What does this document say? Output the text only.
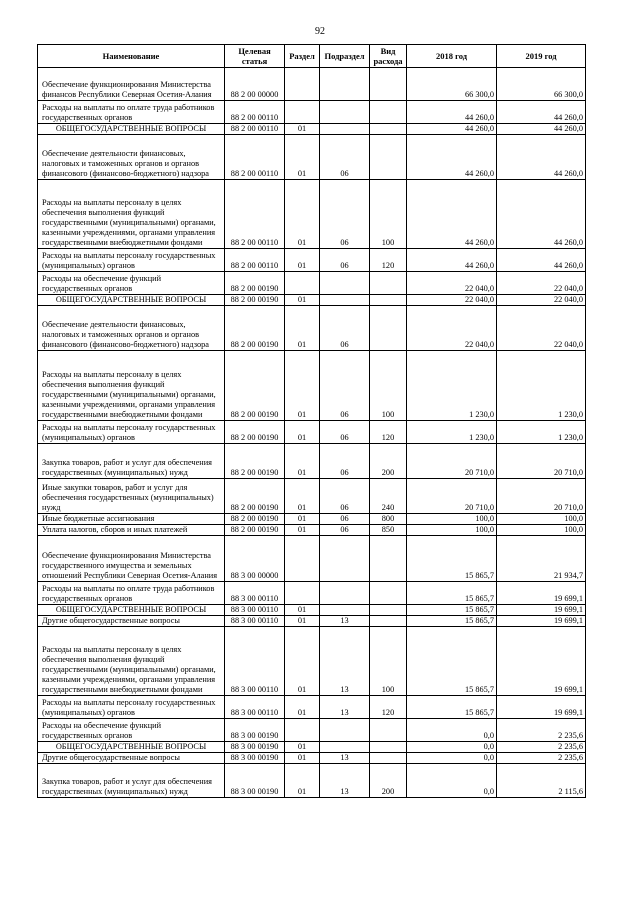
92
Наименование	Целевая статья	Раздел	Подраздел	Вид расхода	2018 год	2019 год
Обеспечение функционирования Министерства финансов Республики Северная Осетия-Алания	88 2 00 00000				66 300,0	66 300,0
Расходы на выплаты по оплате труда работников государственных органов	88 2 00 00110				44 260,0	44 260,0
ОБЩЕГОСУДАРСТВЕННЫЕ ВОПРОСЫ	88 2 00 00110	01			44 260,0	44 260,0
Обеспечение деятельности финансовых, налоговых и таможенных органов и органов финансового (финансово-бюджетного) надзора	88 2 00 00110	01	06		44 260,0	44 260,0
Расходы на выплаты персоналу в целях обеспечения выполнения функций государственными (муниципальными) органами, казенными учреждениями, органами управления государственными внебюджетными фондами	88 2 00 00110	01	06	100	44 260,0	44 260,0
Расходы на выплаты персоналу государственных (муниципальных) органов	88 2 00 00110	01	06	120	44 260,0	44 260,0
Расходы на обеспечение функций государственных органов	88 2 00 00190				22 040,0	22 040,0
ОБЩЕГОСУДАРСТВЕННЫЕ ВОПРОСЫ	88 2 00 00190	01			22 040,0	22 040,0
Обеспечение деятельности финансовых, налоговых и таможенных органов и органов финансового (финансово-бюджетного) надзора	88 2 00 00190	01	06		22 040,0	22 040,0
Расходы на выплаты персоналу в целях обеспечения выполнения функций государственными (муниципальными) органами, казенными учреждениями, органами управления государственными внебюджетными фондами	88 2 00 00190	01	06	100	1 230,0	1 230,0
Расходы на выплаты персоналу государственных (муниципальных) органов	88 2 00 00190	01	06	120	1 230,0	1 230,0
Закупка товаров, работ и услуг для обеспечения государственных (муниципальных) нужд	88 2 00 00190	01	06	200	20 710,0	20 710,0
Иные закупки товаров, работ и услуг для обеспечения государственных (муниципальных) нужд	88 2 00 00190	01	06	240	20 710,0	20 710,0
Иные бюджетные ассигнования	88 2 00 00190	01	06	800	100,0	100,0
Уплата налогов, сборов и иных платежей	88 2 00 00190	01	06	850	100,0	100,0
Обеспечение функционирования Министерства государственного имущества и земельных отношений Республики Северная Осетия-Алания	88 3 00 00000				15 865,7	21 934,7
Расходы на выплаты по оплате труда работников государственных органов	88 3 00 00110				15 865,7	19 699,1
ОБЩЕГОСУДАРСТВЕННЫЕ ВОПРОСЫ	88 3 00 00110	01			15 865,7	19 699,1
Другие общегосударственные вопросы	88 3 00 00110	01	13		15 865,7	19 699,1
Расходы на выплаты персоналу в целях обеспечения выполнения функций государственными (муниципальными) органами, казенными учреждениями, органами управления государственными внебюджетными фондами	88 3 00 00110	01	13	100	15 865,7	19 699,1
Расходы на выплаты персоналу государственных (муниципальных) органов	88 3 00 00110	01	13	120	15 865,7	19 699,1
Расходы на обеспечение функций государственных органов	88 3 00 00190				0,0	2 235,6
ОБЩЕГОСУДАРСТВЕННЫЕ ВОПРОСЫ	88 3 00 00190	01			0,0	2 235,6
Другие общегосударственные вопросы	88 3 00 00190	01	13		0,0	2 235,6
Закупка товаров, работ и услуг для обеспечения государственных (муниципальных) нужд	88 3 00 00190	01	13	200	0,0	2 115,6
